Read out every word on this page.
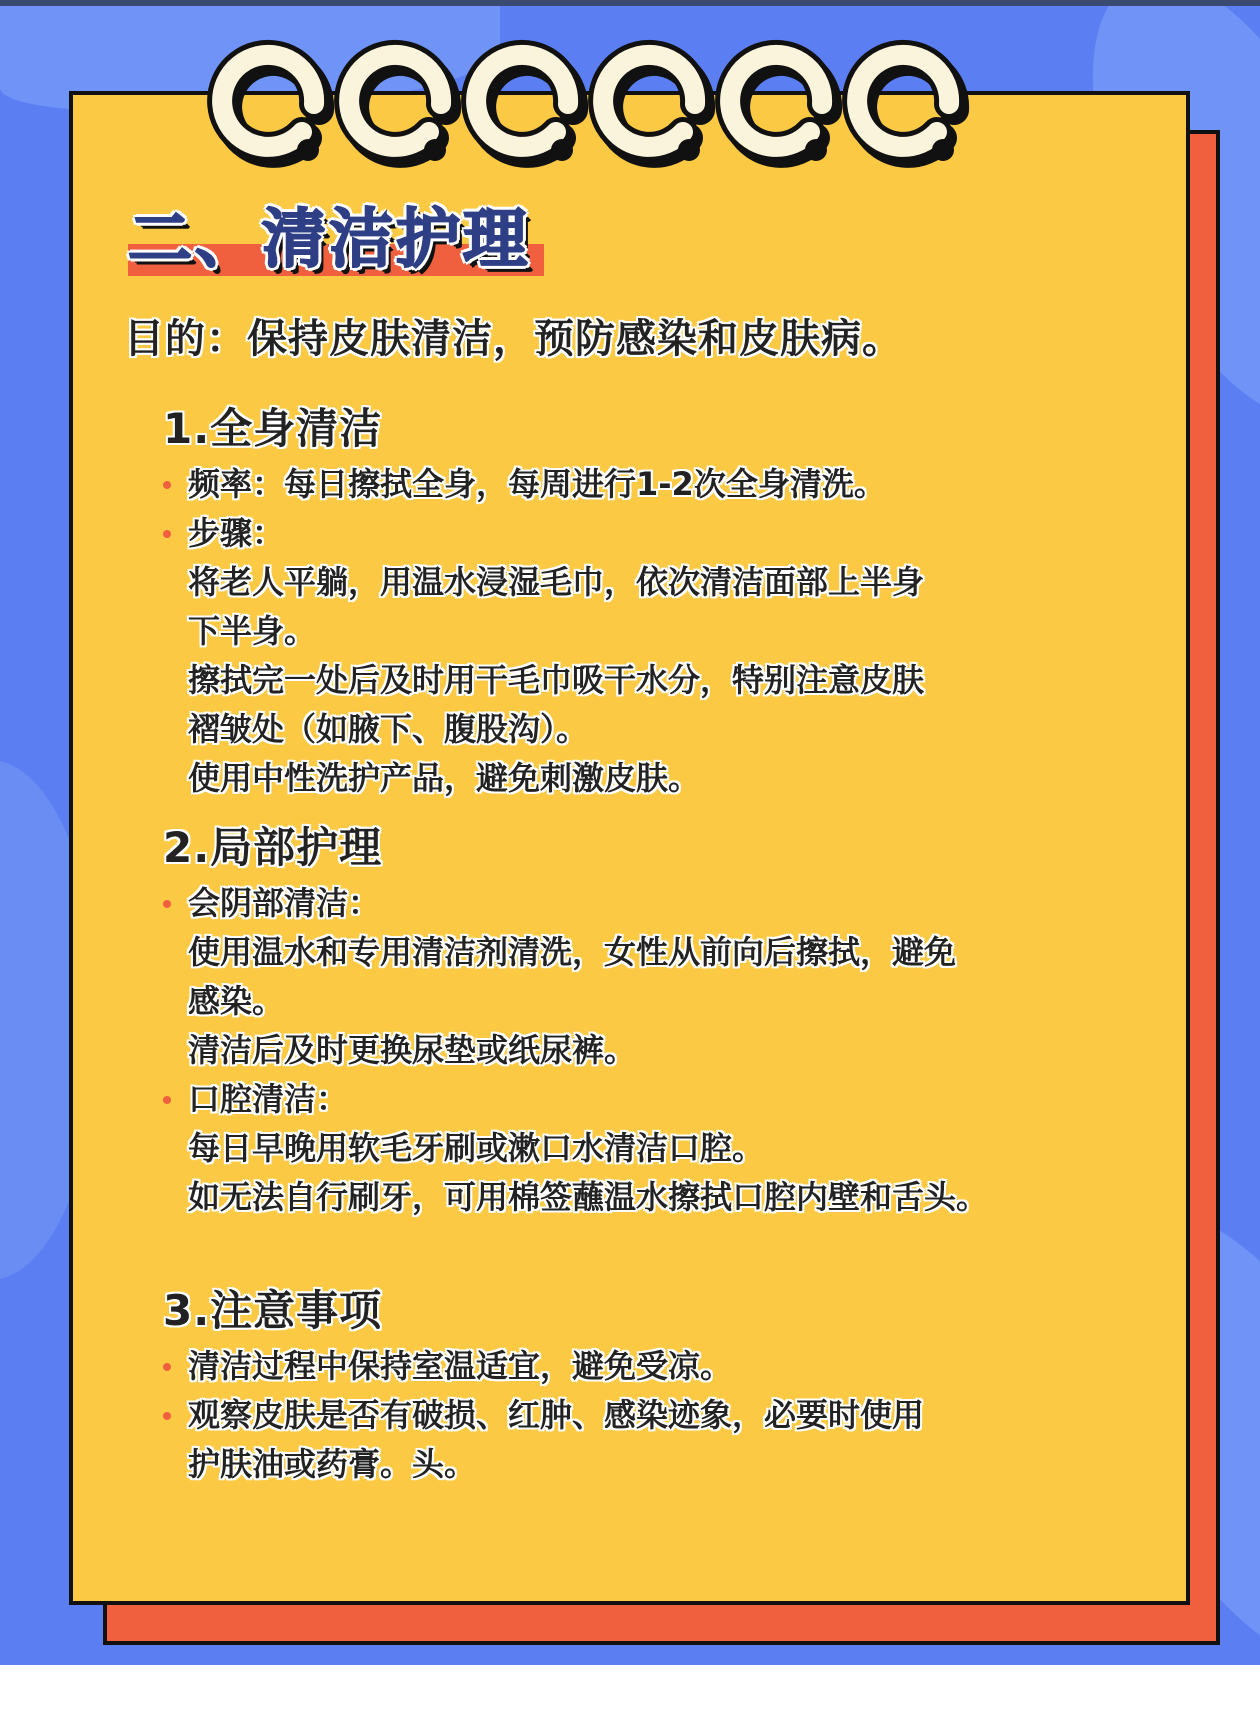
二、清洁护理
目的：保持皮肤清洁，预防感染和皮肤病。
1.全身清洁
频率：每日擦拭全身，每周进行1-2次全身清洗。
步骤：
将老人平躺，用温水浸湿毛巾，依次清洁面部上半身
下半身。
擦拭完一处后及时用干毛巾吸干水分，特别注意皮肤
褶皱处（如腋下、腹股沟）。
使用中性洗护产品，避免刺激皮肤。
2.局部护理
会阴部清洁：
使用温水和专用清洁剂清洗，女性从前向后擦拭，避免
感染。
清洁后及时更换尿垫或纸尿裤。
口腔清洁：
每日早晚用软毛牙刷或漱口水清洁口腔。
如无法自行刷牙，可用棉签蘸温水擦拭口腔内壁和舌头。
3.注意事项
清洁过程中保持室温适宜，避免受凉。
观察皮肤是否有破损、红肿、感染迹象，必要时使用
护肤油或药膏。头。
